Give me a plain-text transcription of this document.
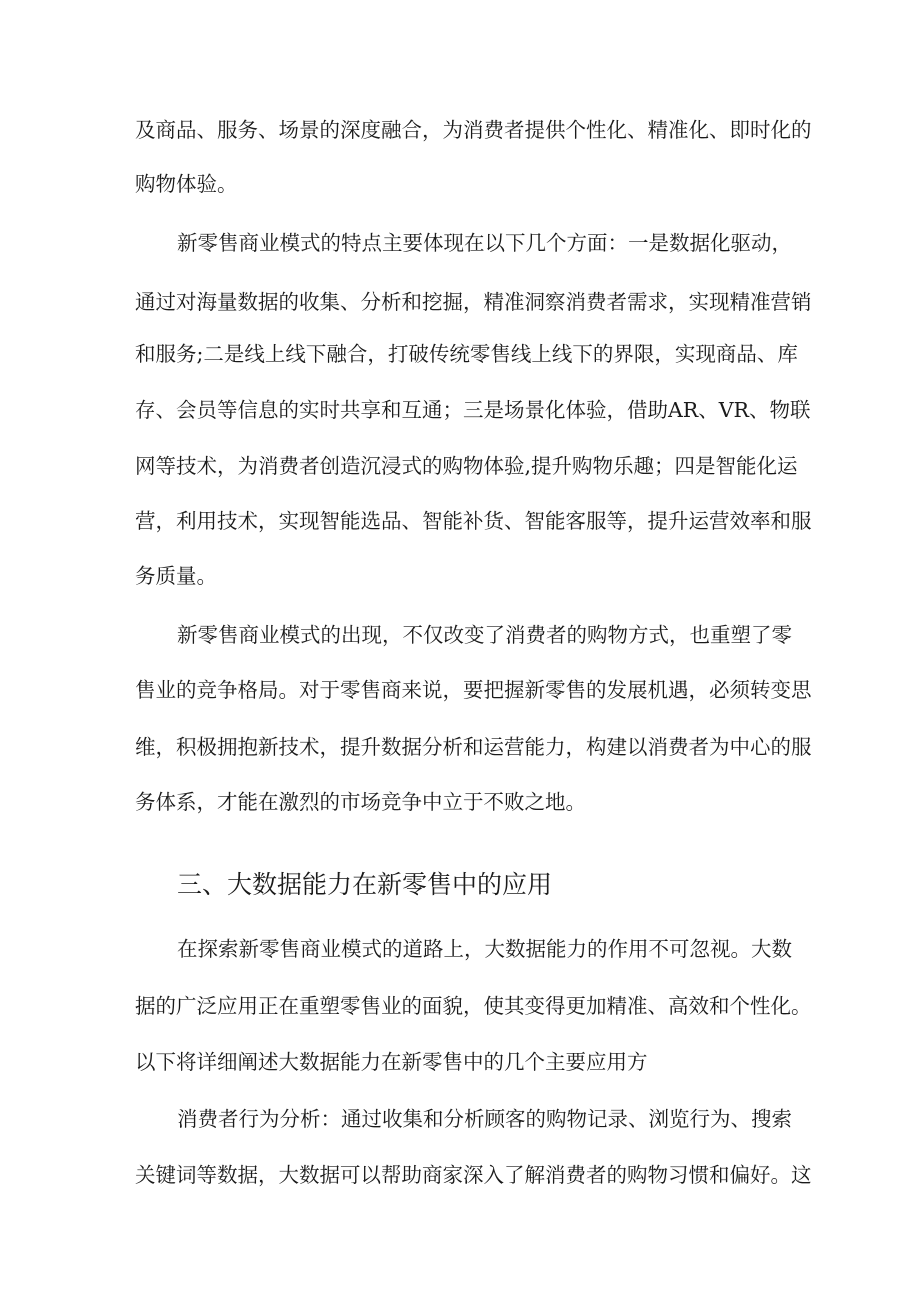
及商品、服务、场景的深度融合，为消费者提供个性化、精准化、即时化的
购物体验。
新零售商业模式的特点主要体现在以下几个方面：一是数据化驱动，
通过对海量数据的收集、分析和挖掘，精准洞察消费者需求，实现精准营销
和服务;二是线上线下融合，打破传统零售线上线下的界限，实现商品、库
存、会员等信息的实时共享和互通；三是场景化体验，借助AR、VR、物联
网等技术，为消费者创造沉浸式的购物体验,提升购物乐趣；四是智能化运
营，利用技术，实现智能选品、智能补货、智能客服等，提升运营效率和服
务质量。
新零售商业模式的出现，不仅改变了消费者的购物方式，也重塑了零
售业的竞争格局。对于零售商来说，要把握新零售的发展机遇，必须转变思
维，积极拥抱新技术，提升数据分析和运营能力，构建以消费者为中心的服
务体系，才能在激烈的市场竞争中立于不败之地。
三、大数据能力在新零售中的应用
在探索新零售商业模式的道路上，大数据能力的作用不可忽视。大数
据的广泛应用正在重塑零售业的面貌，使其变得更加精准、高效和个性化。
以下将详细阐述大数据能力在新零售中的几个主要应用方
消费者行为分析：通过收集和分析顾客的购物记录、浏览行为、搜索
关键词等数据，大数据可以帮助商家深入了解消费者的购物习惯和偏好。这
